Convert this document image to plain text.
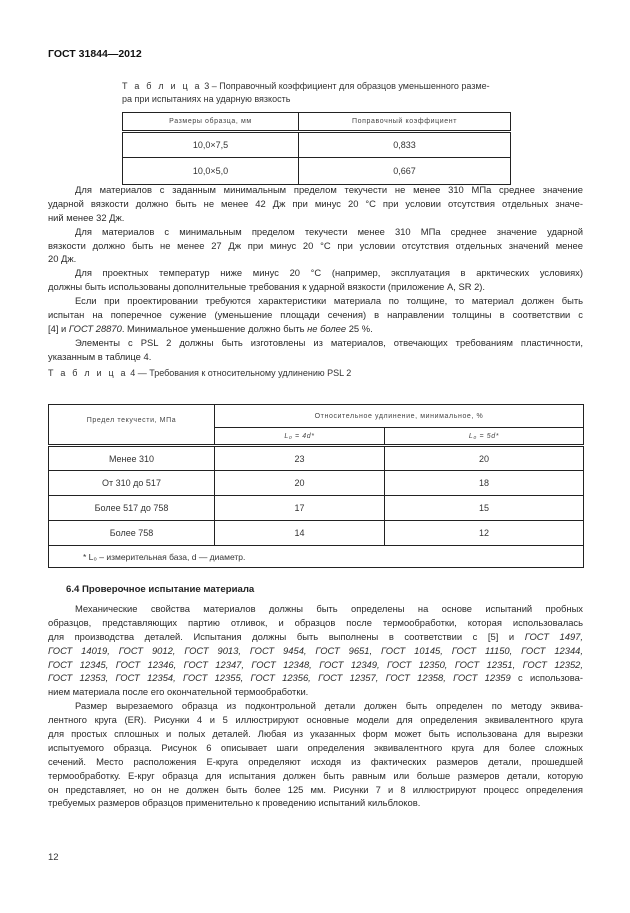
ГОСТ 31844—2012
Т а б л и ц а 3 – Поправочный коэффициент для образцов уменьшенного разме-
ра при испытаниях на ударную вязкость
Размеры образца, мм	Поправочный коэффициент
10,0×7,5	0,833
10,0×5,0	0,667
Для материалов с заданным минимальным пределом текучести не менее 310 МПа среднее значение
ударной вязкости должно быть не менее 42 Дж при минус 20 °С при условии отсутствия отдельных значе-
ний менее 32 Дж.
Для материалов с минимальным пределом текучести менее 310 МПа среднее значение ударной
вязкости должно быть не менее 27 Дж при минус 20 °С при условии отсутствия отдельных значений менее
20 Дж.
Для проектных температур ниже минус 20 °С (например, эксплуатация в арктических условиях)
должны быть использованы дополнительные требования к ударной вязкости (приложение А, SR 2).
Если при проектировании требуются характеристики материала по толщине, то материал должен быть
испытан на поперечное сужение (уменьшение площади сечения) в направлении толщины в соответствии с
[4] и ГОСТ 28870. Минимальное уменьшение должно быть не более 25 %.
Элементы с PSL 2 должны быть изготовлены из материалов, отвечающих требованиям пластичности,
указанным в таблице 4.
Т а б л и ц а 4 — Требования к относительному удлинению PSL 2
Предел текучести, МПа	Относительное удлинение, минимальное, %	
	L₀ = 4d*	L₀ = 5d*
Менее 310	23	20
От 310 до 517	20	18
Более 517 до 758	17	15
Более 758	14	12
* L₀ – измерительная база, d — диаметр.		
6.4 Проверочное испытание материала
Механические свойства материалов должны быть определены на основе испытаний пробных
образцов, представляющих партию отливок, и образцов после термообработки, которая использовалась
для производства деталей. Испытания должны быть выполнены в соответствии с [5] и ГОСТ 1497,
ГОСТ 14019, ГОСТ 9012, ГОСТ 9013, ГОСТ 9454, ГОСТ 9651, ГОСТ 10145, ГОСТ 11150, ГОСТ 12344,
ГОСТ 12345, ГОСТ 12346, ГОСТ 12347, ГОСТ 12348, ГОСТ 12349, ГОСТ 12350, ГОСТ 12351, ГОСТ 12352,
ГОСТ 12353, ГОСТ 12354, ГОСТ 12355, ГОСТ 12356, ГОСТ 12357, ГОСТ 12358, ГОСТ 12359 с использова-
нием материала после его окончательной термообработки.
Размер вырезаемого образца из подконтрольной детали должен быть определен по методу эквива-
лентного круга (ER). Рисунки 4 и 5 иллюстрируют основные модели для определения эквивалентного круга
для простых сплошных и полых деталей. Любая из указанных форм может быть использована для вырезки
испытуемого образца. Рисунок 6 описывает шаги определения эквивалентного круга для более сложных
сечений. Место расположения Е-круга определяют исходя из фактических размеров детали, прошедшей
термообработку. Е-круг образца для испытания должен быть равным или больше размеров детали, которую
он представляет, но он не должен быть более 125 мм. Рисунки 7 и 8 иллюстрируют процесс определения
требуемых размеров образцов применительно к проведению испытаний кильблоков.
12
